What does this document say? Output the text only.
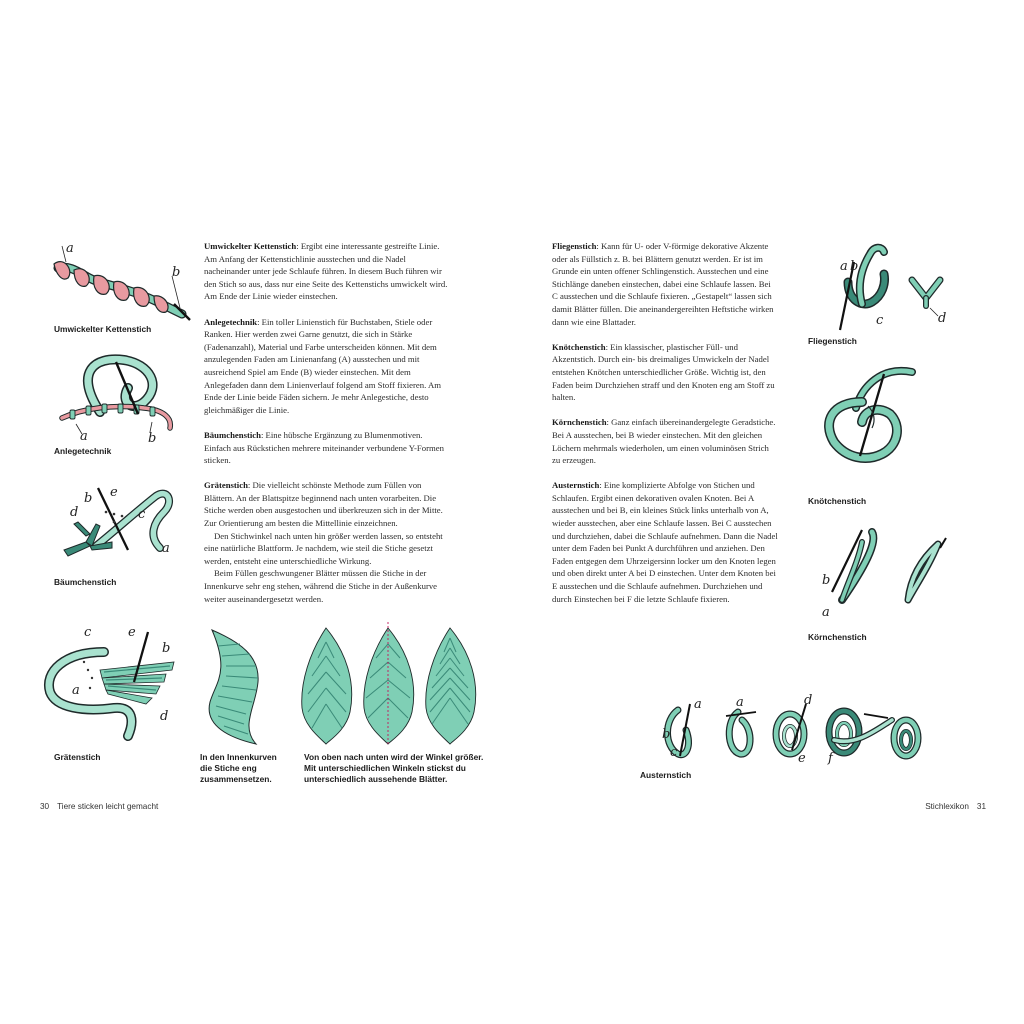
a
b
Umwickelter Kettenstich
a	b
Anlegetechnik
d
b e
c
a
Bäumchenstich
c	e
b
a
d
Grätenstich	In den Innenkurven die Stiche eng zusammensetzen.
Von oben nach unten wird der Winkel größer. Mit unterschiedlichen Winkeln stickst du unterschiedlich aussehende Blätter.

Umwickelter Kettenstich: Ergibt eine interessante gestreifte Linie. Am Anfang der Kettenstichlinie ausstechen und die Nadel nacheinander unter jede Schlaufe führen. In diesem Buch führen wir den Stich so aus, dass nur eine Seite des Kettenstichs umwickelt wird. Am Ende der Linie wieder einstechen.

Anlegetechnik: Ein toller Linienstich für Buchstaben, Stiele oder Ranken. Hier werden zwei Garne genutzt, die sich in Stärke (Fadenanzahl), Material und Farbe unterscheiden können. Mit dem anzulegenden Faden am Linienanfang (A) ausstechen und mit ausreichend Spiel am Ende (B) wieder einstechen. Mit dem Anlegefaden dann dem Linienverlauf folgend am Stoff fixieren. Am Ende der Linie beide Fäden sichern. Je mehr Anlegestiche, desto gleichmäßiger die Linie.

Bäumchenstich: Eine hübsche Ergänzung zu Blumenmotiven. Einfach aus Rückstichen mehrere miteinander verbundene Y-Formen sticken.

Grätenstich: Die vielleicht schönste Methode zum Füllen von Blättern. An der Blattspitze beginnend nach unten vorarbeiten. Die Stiche werden oben ausgestochen und überkreuzen sich in der Mitte. Zur Orientierung am besten die Mittellinie einzeichnen.

Den Stichwinkel nach unten hin größer werden lassen, so entsteht eine natürliche Blattform. Je nachdem, wie steil die Stiche gesetzt werden, entsteht eine unterschiedliche Wirkung.

Beim Füllen geschwungener Blätter müssen die Stiche in der Innenkurve sehr eng stehen, während die Stiche in der Außenkurve weiter auseinandergesetzt werden.

Fliegenstich: Kann für U- oder V-förmige dekorative Akzente oder als Füllstich z. B. bei Blättern genutzt werden. Er ist im Grunde ein unten offener Schlingenstich. Ausstechen und eine Stichlänge daneben einstechen, dabei eine Schlaufe lassen. Bei C ausstechen und die Schlaufe fixieren. „Gestapelt“ lassen sich damit Blätter füllen. Die aneinandergereihten Heftstiche wirken dann wie eine Blattader.

Knötchenstich: Ein klassischer, plastischer Füll- und Akzentstich. Durch ein- bis dreimaliges Umwickeln der Nadel entstehen Knötchen unterschiedlicher Größe. Wichtig ist, den Faden beim Durchziehen straff und den Knoten eng am Stoff zu halten.

Körnchenstich: Ganz einfach übereinandergelegte Geradstiche. Bei A ausstechen, bei B wieder einstechen. Mit den gleichen Löchern mehrmals wiederholen, um einen voluminösen Strich zu erzeugen.

Austernstich: Eine komplizierte Abfolge von Stichen und Schlaufen. Ergibt einen dekorativen ovalen Knoten. Bei A ausstechen und bei B, ein kleines Stück links unterhalb von A, wieder ausstechen, aber eine Schlaufe lassen. Bei C ausstechen und durchziehen, dabei die Schlaufe aufnehmen. Dann die Nadel unter dem Faden bei Punkt A durchführen und anziehen. Den Faden entgegen dem Uhrzeigersinn locker um den Knoten legen und oben direkt unter A bei D einstechen. Unter dem Knoten bei E ausstechen und die Schlaufe aufnehmen. Durchziehen und durch Einstechen bei F die letzte Schlaufe fixieren.

a b
c	d
Fliegenstich
Knötchenstich
b
a
Körnchenstich
a
b
c
a	d
e f
Austernstich
30 Tiere sticken leicht gemacht	Stichlexikon 31
